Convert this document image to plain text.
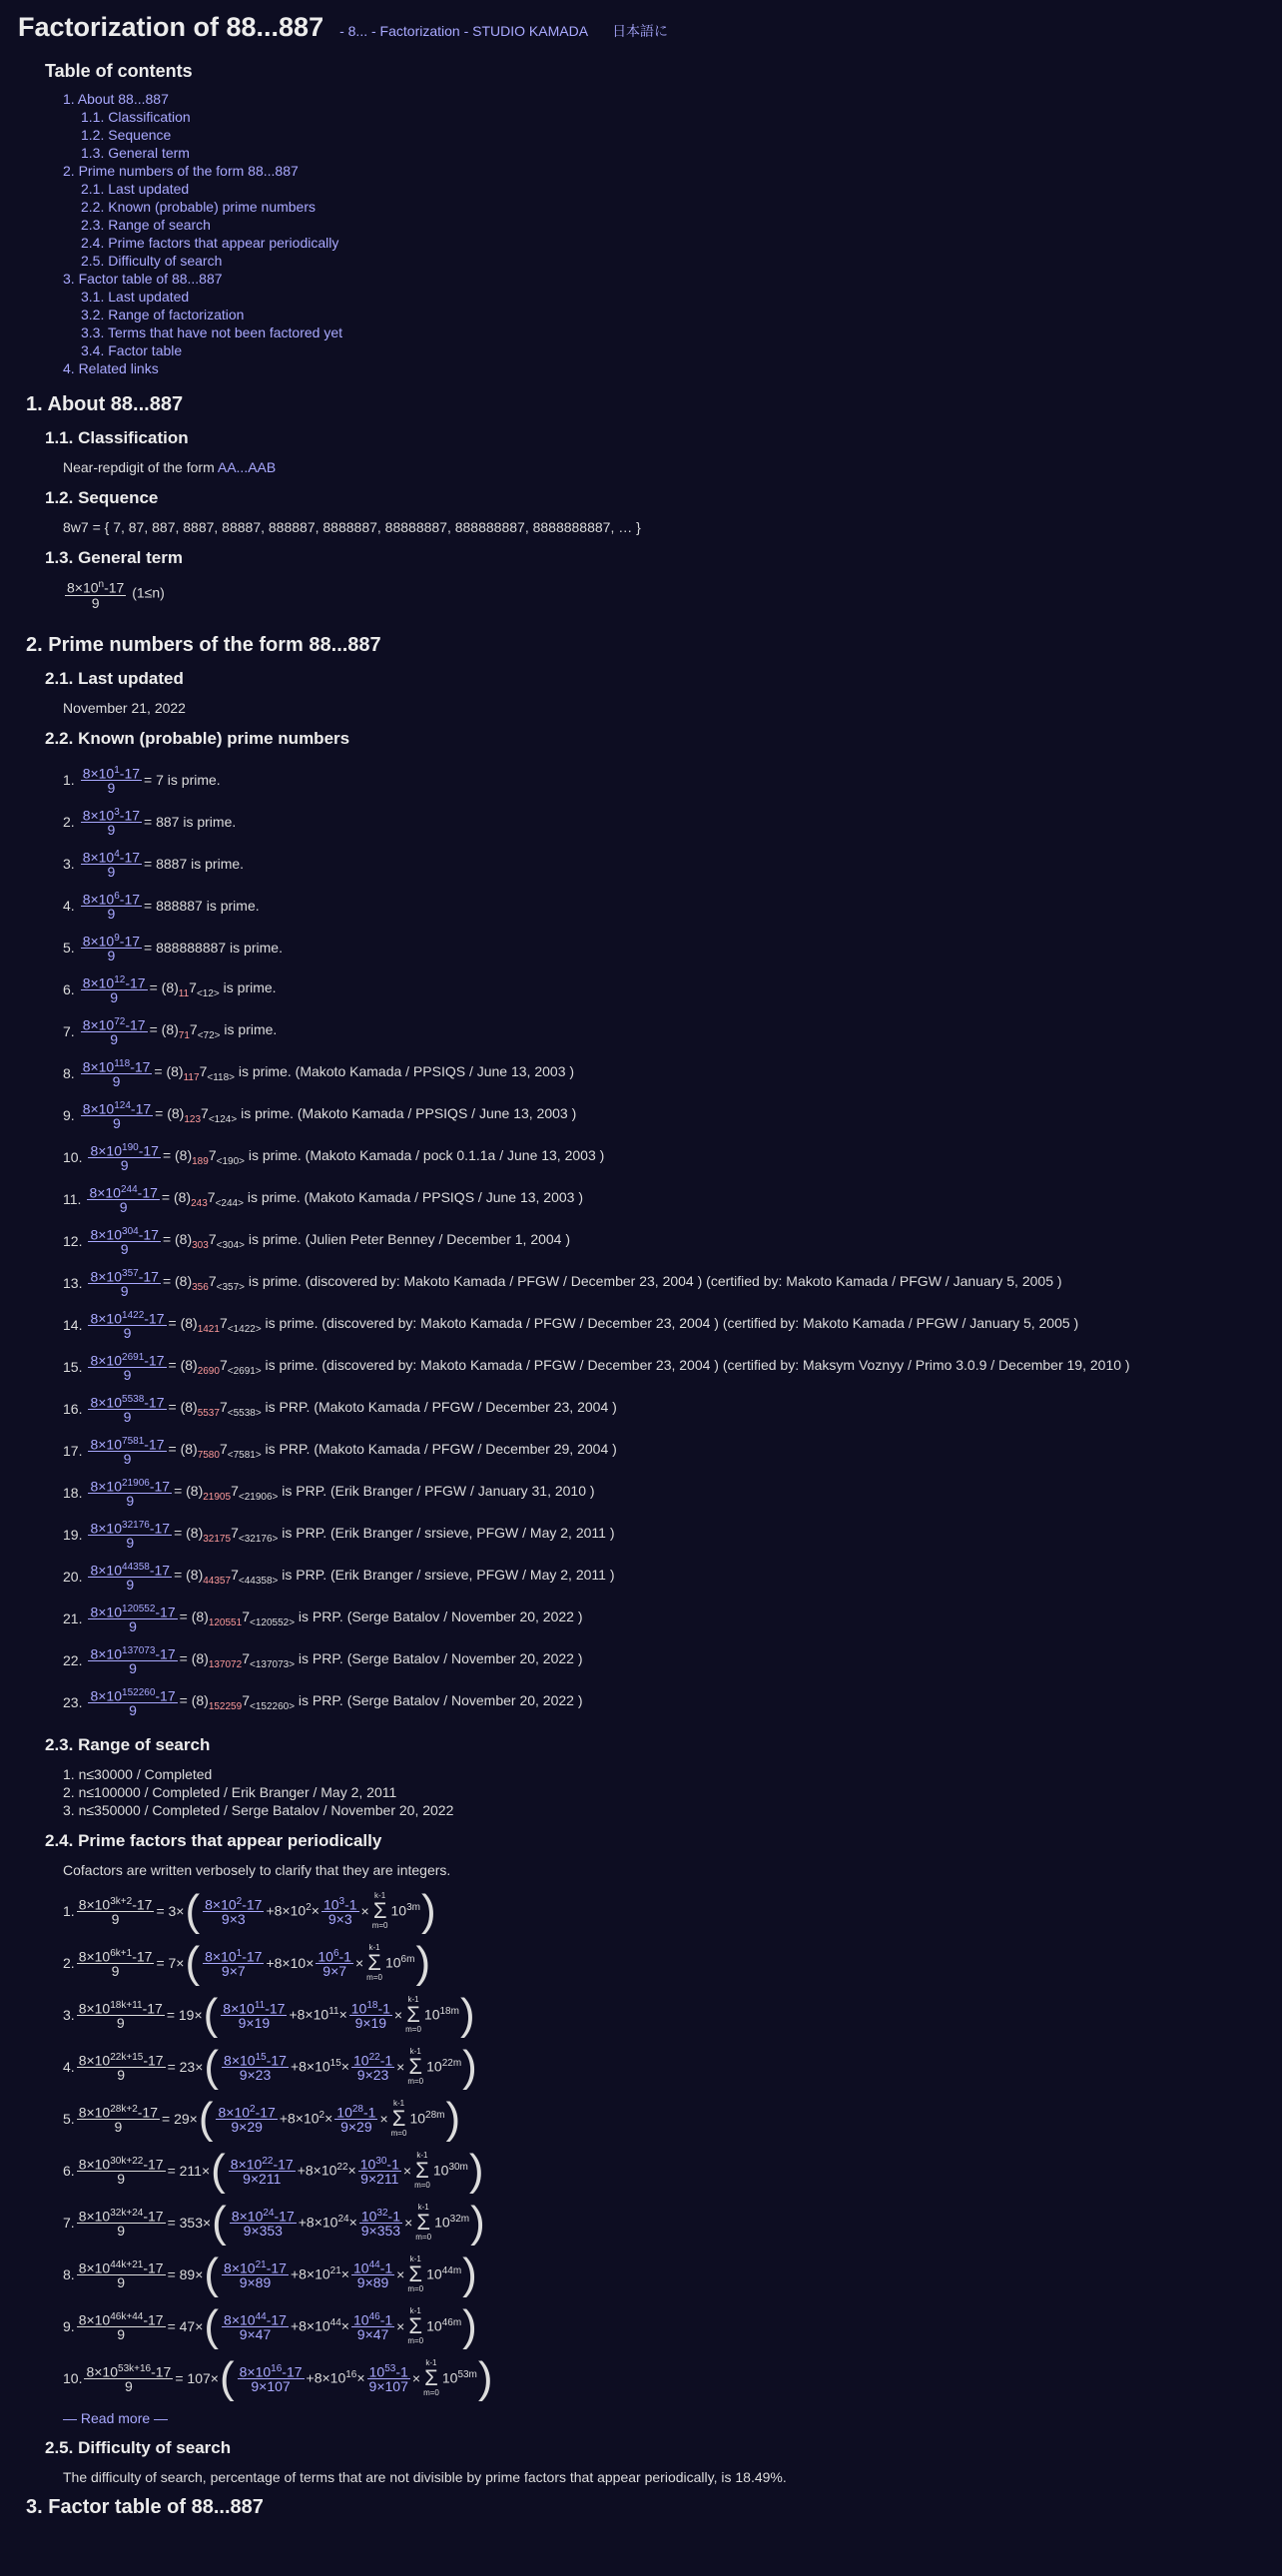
Factorization of 88...887 - 8... - Factorization - STUDIO KAMADA 日本語に
Table of contents
1. About 88...887
1.1. Classification
1.2. Sequence
1.3. General term
2. Prime numbers of the form 88...887
2.1. Last updated
2.2. Known (probable) prime numbers
2.3. Range of search
2.4. Prime factors that appear periodically
2.5. Difficulty of search
3. Factor table of 88...887
3.1. Last updated
3.2. Range of factorization
3.3. Terms that have not been factored yet
3.4. Factor table
4. Related links
1. About 88...887
1.1. Classification
Near-repdigit of the form AA...AAB
1.2. Sequence
8w7 = { 7, 87, 887, 8887, 88887, 888887, 8888887, 88888887, 888888887, 8888888887, … }
1.3. General term
$\frac{8\times 10^n-17}{9} (1\le n)$
2. Prime numbers of the form 88...887
2.1. Last updated
November 21, 2022
2.2. Known (probable) prime numbers
1. $\frac{8\times 10^1-17}{9} = 7$ is prime.
2. $\frac{8\times 10^3-17}{9} = 887$ is prime.
3. $\frac{8\times 10^4-17}{9} = 8887$ is prime.
4. $\frac{8\times 10^6-17}{9} = 888887$ is prime.
5. $\frac{8\times 10^9-17}{9} = 888888887$ is prime.
6. $\frac{8\times 10^{12}-17}{9} = (8)_{11}7_{<12>}$ is prime.
7. $\frac{8\times 10^{72}-17}{9} = (8)_{71}7_{<72>}$ is prime.
8. $\frac{8\times 10^{118}-17}{9} = (8)_{117}7_{<118>}$ is prime. (Makoto Kamada / PPSIQS / June 13, 2003 )
9. $\frac{8\times 10^{124}-17}{9} = (8)_{123}7_{<124>}$ is prime. (Makoto Kamada / PPSIQS / June 13, 2003 )
10. $\frac{8\times 10^{190}-17}{9} = (8)_{189}7_{<190>}$ is prime. (Makoto Kamada / pock 0.1.1a / June 13, 2003 )
11. $\frac{8\times 10^{244}-17}{9} = (8)_{243}7_{<244>}$ is prime. (Makoto Kamada / PPSIQS / June 13, 2003 )
12. $\frac{8\times 10^{304}-17}{9} = (8)_{303}7_{<304>}$ is prime. (Julien Peter Benney / December 1, 2004 )
13. $\frac{8\times 10^{357}-17}{9} = (8)_{356}7_{<357>}$ is prime. (discovered by: Makoto Kamada / PFGW / December 23, 2004 ) (certified by: Makoto Kamada / PFGW / January 5, 2005 )
14. $\frac{8\times 10^{1422}-17}{9} = (8)_{1421}7_{<1422>}$ is prime. (discovered by: Makoto Kamada / PFGW / December 23, 2004 ) (certified by: Makoto Kamada / PFGW / January 5, 2005 )
15. $\frac{8\times 10^{2691}-17}{9} = (8)_{2690}7_{<2691>}$ is prime. (discovered by: Makoto Kamada / PFGW / December 23, 2004 ) (certified by: Maksym Voznyy / Primo 3.0.9 / December 19, 2010 )
16. $\frac{8\times 10^{5538}-17}{9} = (8)_{5537}7_{<5538>}$ is PRP. (Makoto Kamada / PFGW / December 23, 2004 )
17. $\frac{8\times 10^{7581}-17}{9} = (8)_{7580}7_{<7581>}$ is PRP. (Makoto Kamada / PFGW / December 29, 2004 )
18. $\frac{8\times 10^{21906}-17}{9} = (8)_{21905}7_{<21906>}$ is PRP. (Erik Branger / PFGW / January 31, 2010 )
19. $\frac{8\times 10^{32176}-17}{9} = (8)_{32175}7_{<32176>}$ is PRP. (Erik Branger / srsieve, PFGW / May 2, 2011 )
20. $\frac{8\times 10^{44358}-17}{9} = (8)_{44357}7_{<44358>}$ is PRP. (Erik Branger / srsieve, PFGW / May 2, 2011 )
21. $\frac{8\times 10^{120552}-17}{9} = (8)_{120551}7_{<120552>}$ is PRP. (Serge Batalov / November 20, 2022 )
22. $\frac{8\times 10^{137073}-17}{9} = (8)_{137072}7_{<137073>}$ is PRP. (Serge Batalov / November 20, 2022 )
23. $\frac{8\times 10^{152260}-17}{9} = (8)_{152259}7_{<152260>}$ is PRP. (Serge Batalov / November 20, 2022 )
2.3. Range of search
1. n≤30000 / Completed
2. n≤100000 / Completed / Erik Branger / May 2, 2011
3. n≤350000 / Completed / Serge Batalov / November 20, 2022
2.4. Prime factors that appear periodically
Cofactors are written verbosely to clarify that they are integers.
1. $\frac{8\times 10^{3k+2}-17}{9} = 3\times$ ( $\frac{8\times 10^2-17}{9\times 3} +8\times 10^2\times \frac{10^3-1}{9\times 3}$ ×
k-1
Σ
m=0
$10^{3m}$ )
2. $\frac{8\times 10^{6k+1}-17}{9} = 7\times$ ( $\frac{8\times 10^1-17}{9\times 7} +8\times 10\times \frac{10^6-1}{9\times 7}$ ×
k-1
Σ
m=0
$10^{6m}$ )
3. $\frac{8\times 10^{18k+11}-17}{9} = 19\times$ ( $\frac{8\times 10^{11}-17}{9\times 19} +8\times 10^{11}\times \frac{10^{18}-1}{9\times 19}$ ×
k-1
Σ
m=0
$10^{18m}$ )
4. $\frac{8\times 10^{22k+15}-17}{9} = 23\times$ ( $\frac{8\times 10^{15}-17}{9\times 23} +8\times 10^{15}\times \frac{10^{22}-1}{9\times 23}$ ×
k-1
Σ
m=0
$10^{22m}$ )
5. $\frac{8\times 10^{28k+2}-17}{9} = 29\times$ ( $\frac{8\times 10^2-17}{9\times 29} +8\times 10^2\times \frac{10^{28}-1}{9\times 29}$ ×
k-1
Σ
m=0
$10^{28m}$ )
6. $\frac{8\times 10^{30k+22}-17}{9} = 211\times$ ( $\frac{8\times 10^{22}-17}{9\times 211} +8\times 10^{22}\times \frac{10^{30}-1}{9\times 211}$ ×
k-1
Σ
m=0
$10^{30m}$ )
7. $\frac{8\times 10^{32k+24}-17}{9} = 353\times$ ( $\frac{8\times 10^{24}-17}{9\times 353} +8\times 10^{24}\times \frac{10^{32}-1}{9\times 353}$ ×
k-1
Σ
m=0
$10^{32m}$ )
8. $\frac{8\times 10^{44k+21}-17}{9} = 89\times$ ( $\frac{8\times 10^{21}-17}{9\times 89} +8\times 10^{21}\times \frac{10^{44}-1}{9\times 89}$ ×
k-1
Σ
m=0
$10^{44m}$ )
9. $\frac{8\times 10^{46k+44}-17}{9} = 47\times$ ( $\frac{8\times 10^{44}-17}{9\times 47} +8\times 10^{44}\times \frac{10^{46}-1}{9\times 47}$ ×
k-1
Σ
m=0
$10^{46m}$ )
10. $\frac{8\times 10^{53k+16}-17}{9} = 107\times$ ( $\frac{8\times 10^{16}-17}{9\times 107} +8\times 10^{16}\times \frac{10^{53}-1}{9\times 107}$ ×
k-1
Σ
m=0
$10^{53m}$ )
— Read more —
2.5. Difficulty of search
The difficulty of search, percentage of terms that are not divisible by prime factors that appear periodically, is 18.49%.
3. Factor table of 88...887
